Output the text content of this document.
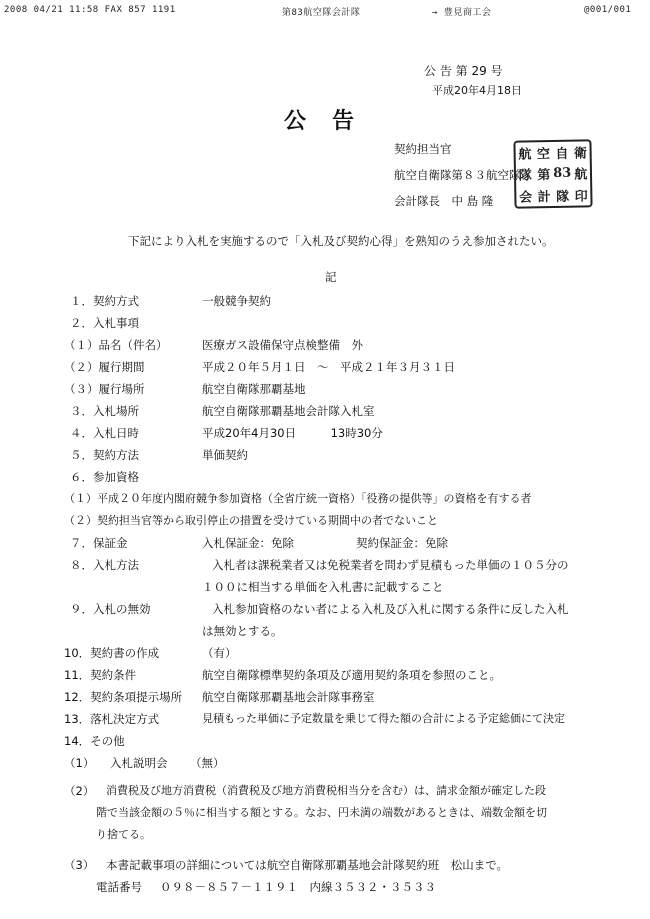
2008 04/21 11:58 FAX 857 1191	第83航空隊会計隊	→ 豊見商工会	@001/001
公 告 第 29 号
平成20年4月18日
公告
契約担当官
航空自衛隊第８３航空隊
会計隊長　中 島 隆
航 空 自 衛
隊 第 83 航
会 計 隊 印
下記により入札を実施するので「入札及び契約心得」を熟知のうえ参加されたい。
記
１．契約方式	一般競争契約
２．入札事項
（１）品名（件名）	医療ガス設備保守点検整備　外
（２）履行期間	平成２０年５月１日　～　平成２１年３月３１日
（３）履行場所	航空自衛隊那覇基地
３．入札場所	航空自衛隊那覇基地会計隊入札室
４．入札日時	平成20年4月30日　　　13時30分
５．契約方法	単価契約
６．参加資格
（１）平成２０年度内閣府競争参加資格（全省庁統一資格）「役務の提供等」の資格を有する者
（２）契約担当官等から取引停止の措置を受けている期間中の者でないこと
７．保証金	入札保証金：免除	契約保証金：免除
８．入札方法	入札者は課税業者又は免税業者を問わず見積もった単価の１０５分の
１００に相当する単価を入札書に記載すること
９．入札の無効	入札参加資格のない者による入札及び入札に関する条件に反した入札
は無効とする。
10．契約書の作成	（有）
11．契約条件	航空自衛隊標準契約条項及び適用契約条項を参照のこと。
12．契約条項提示場所 航空自衛隊那覇基地会計隊事務室
13．落札決定方式	見積もった単価に予定数量を乗じて得た額の合計による予定総価にて決定
14．その他
（1） 入札説明会 （無）
（2） 消費税及び地方消費税（消費税及び地方消費税相当分を含む）は、請求金額が確定した段
階で当該金額の５％に相当する額とする。なお、円未満の端数があるときは、端数金額を切
り捨てる。
（3） 本書記載事項の詳細については航空自衛隊那覇基地会計隊契約班　松山まで。
電話番号 ０９８－８５７－１１９１　内線３５３２・３５３３
